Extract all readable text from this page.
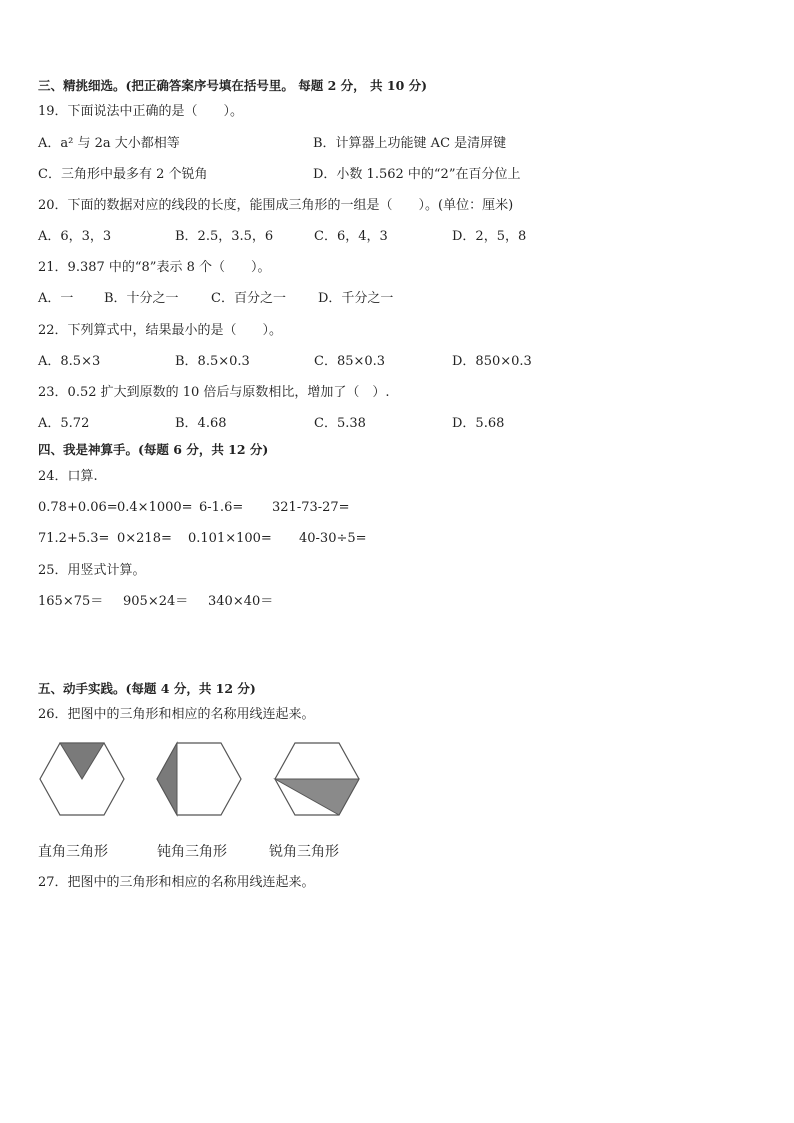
三、精挑细选。(把正确答案序号填在括号里。 每题 2 分， 共 10 分)
19．下面说法中正确的是（　　）。
A．a² 与 2a 大小都相等	B．计算器上功能键 AC 是清屏键
C．三角形中最多有 2 个锐角	D．小数 1.562 中的“2”在百分位上
20．下面的数据对应的线段的长度，能围成三角形的一组是（　　）。(单位：厘米)
A．6，3，3	B．2.5，3.5，6	C．6，4，3	D．2，5，8
21．9.387 中的“8”表示 8 个（　　）。
A．一 B．十分之一 C．百分之一 D．千分之一
22．下列算式中，结果最小的是（　　）。
A．8.5×3	B．8.5×0.3	C．85×0.3	D．850×0.3
23．0.52 扩大到原数的 10 倍后与原数相比，增加了（　）.
A．5.72	B．4.68	C．5.38	D．5.68
四、我是神算手。(每题 6 分，共 12 分)
24．口算.
0.78+0.06= 0.4×1000= 6-1.6= 321-73-27=
71.2+5.3= 0×218= 0.101×100= 40-30÷5=
25．用竖式计算。
165×75＝ 905×24＝ 340×40＝
五、动手实践。(每题 4 分，共 12 分)
26．把图中的三角形和相应的名称用线连起来。
直角三角形	钝角三角形	锐角三角形
27．把图中的三角形和相应的名称用线连起来。
